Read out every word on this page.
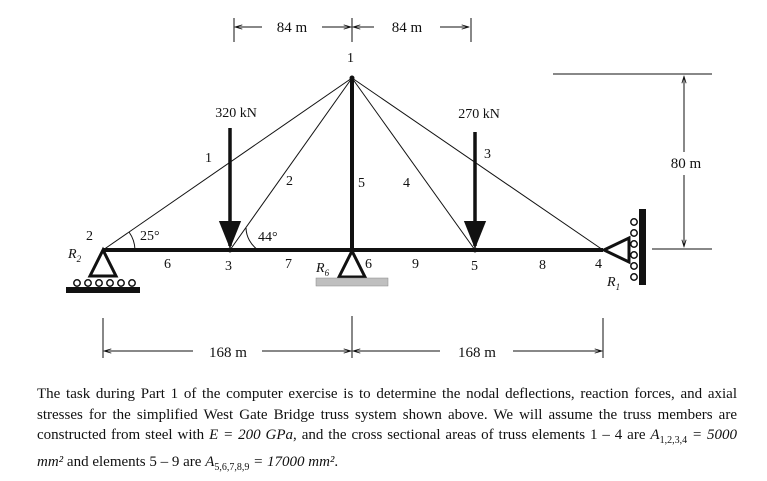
84 m	84 m
1
2
3
4
5
6	7	9	8
1
2
3	5	4
6
25°	44°
320 kN	270 kN
$R_2$
$R_6$
$R_1$
80 m
168 m	168 m
The task during Part 1 of the computer exercise is to determine the nodal deflections, reaction forces, and axial stresses for the simplified West Gate Bridge truss system shown above. We will assume the truss members are constructed from steel with E = 200 GPa, and the cross sectional areas of truss elements 1 – 4 are $A_{1,2,3,4} = 5000$ mm² and elements 5 – 9 are $A_{5,6,7,8,9} = 17000$ mm².
